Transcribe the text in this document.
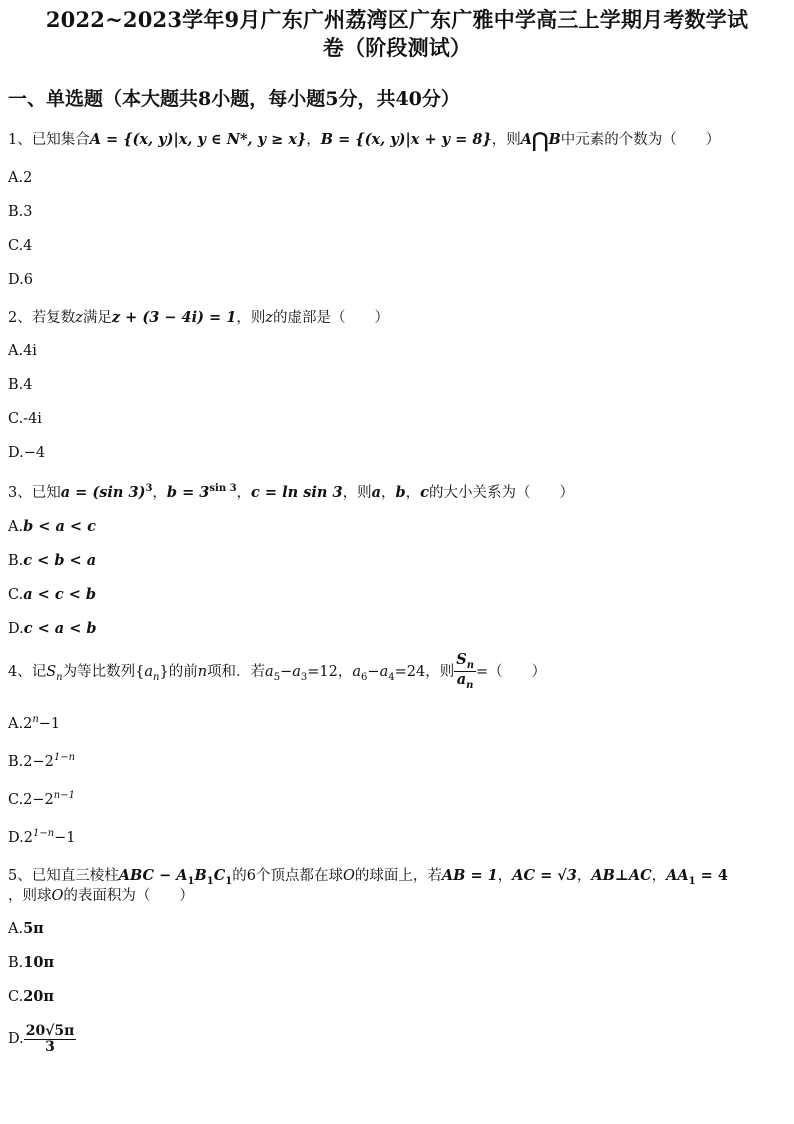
2022~2023学年9月广东广州荔湾区广东广雅中学高三上学期月考数学试
卷（阶段测试）
一、单选题（本大题共8小题，每小题5分，共40分）
1、已知集合A = {(x, y)|x, y ∈ N*, y ≥ x}，B = {(x, y)|x + y = 8}，则A⋂B中元素的个数为（　　）
A.2
B.3
C.4
D.6
2、若复数z满足z + (3 − 4i) = 1，则z的虚部是（　　）
A.4i
B.4
C.-4i
D.−4
3、已知a = (sin 3)$^3$，$b = 3^{sin 3}$，c = ln sin 3，则a，b，c的大小关系为（　　）
A.b < a < c
B.c < b < a
C.a < c < b
D.c < a < b
4、记$S_n$为等比数列$\{a_n\}$的前n项和．若$a_5-a_3=12$，$a_6-a_4=24$，则 $\frac{S_n}{a_n}$ =（　　）
$A.2^n-1$
$B.2-2^{1-n}$
$C.2-2^{n-1}$
$D.2^{1-n}-1$
5、已知直三棱柱ABC − $A_1B_1C_1$的6个顶点都在球O的球面上，若AB = 1，AC = √3，AB⊥AC，$AA_1 = 4$
，则球O的表面积为（　　）
A.5π
B.10π
C.20π
D. $\frac{20√5\pi}{3}$
